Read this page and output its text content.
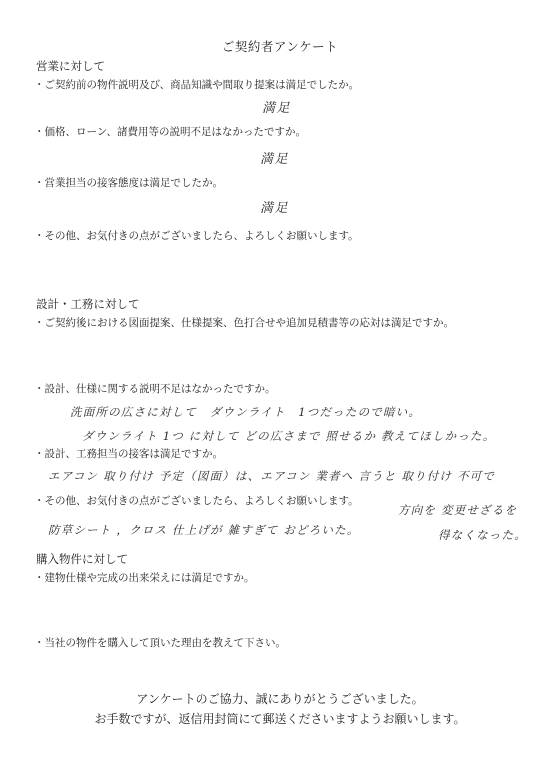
ご契約者アンケート
営業に対して
・ご契約前の物件説明及び、商品知識や間取り提案は満足でしたか。
満足
・価格、ローン、諸費用等の説明不足はなかったですか。
満足
・営業担当の接客態度は満足でしたか。
満足
・その他、お気付きの点がございましたら、よろしくお願いします。
設計・工務に対して
・ご契約後における図面提案、仕様提案、色打合せや追加見積書等の応対は満足ですか。
・設計、仕様に関する説明不足はなかったですか。
洗面所の広さに対して　ダウンライト　1つだったので暗い。
ダウンライト 1つ に対して どの広さまで 照せるか 教えてほしかった。
・設計、工務担当の接客は満足ですか。
エアコン 取り付け 予定（図面）は、エアコン 業者へ 言うと 取り付け 不可で
・その他、お気付きの点がございましたら、よろしくお願いします。
方向を 変更せざるを
得なくなった。
防草シート ，クロス 仕上げが 雑すぎて おどろいた。
購入物件に対して
・建物仕様や完成の出来栄えには満足ですか。
・当社の物件を購入して頂いた理由を教えて下さい。
アンケートのご協力、誠にありがとうございました。
お手数ですが、返信用封筒にて郵送くださいますようお願いします。
